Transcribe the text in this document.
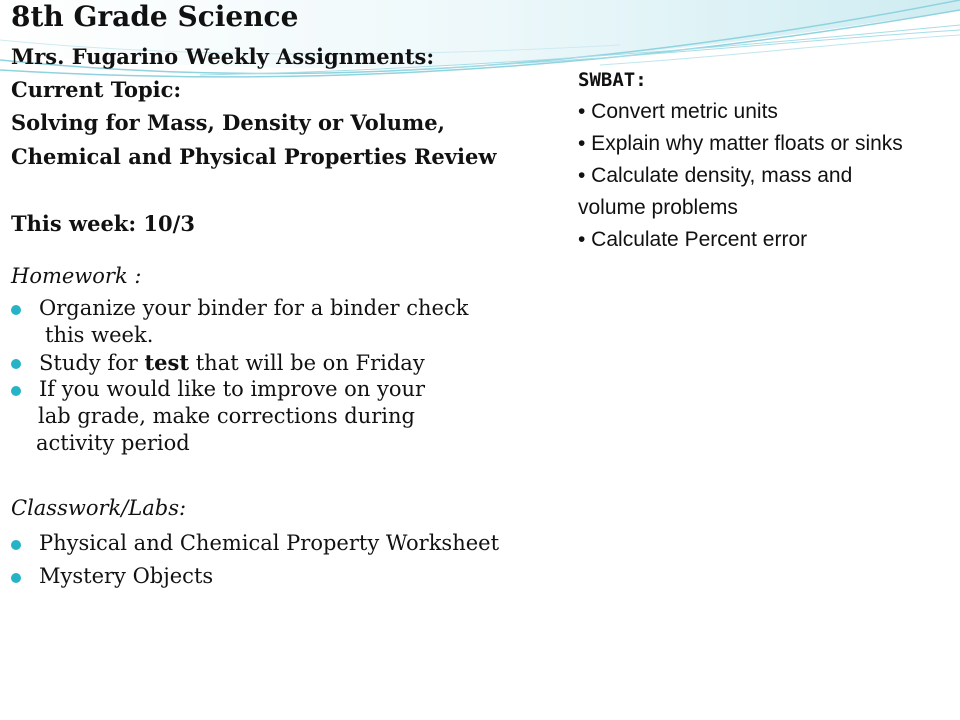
8th Grade Science
Mrs. Fugarino Weekly Assignments:
Current Topic:
Solving for Mass, Density or Volume,
Chemical and Physical Properties Review
This week: 10/3
Homework :
Organize your binder for a binder check
this week.
Study for test that will be on Friday
If you would like to improve on your
lab grade, make corrections during
activity period
Classwork/Labs:
Physical and Chemical Property Worksheet
Mystery Objects
SWBAT:
• Convert metric units
• Explain why matter floats or sinks
• Calculate density, mass and volume problems
• Calculate Percent error
